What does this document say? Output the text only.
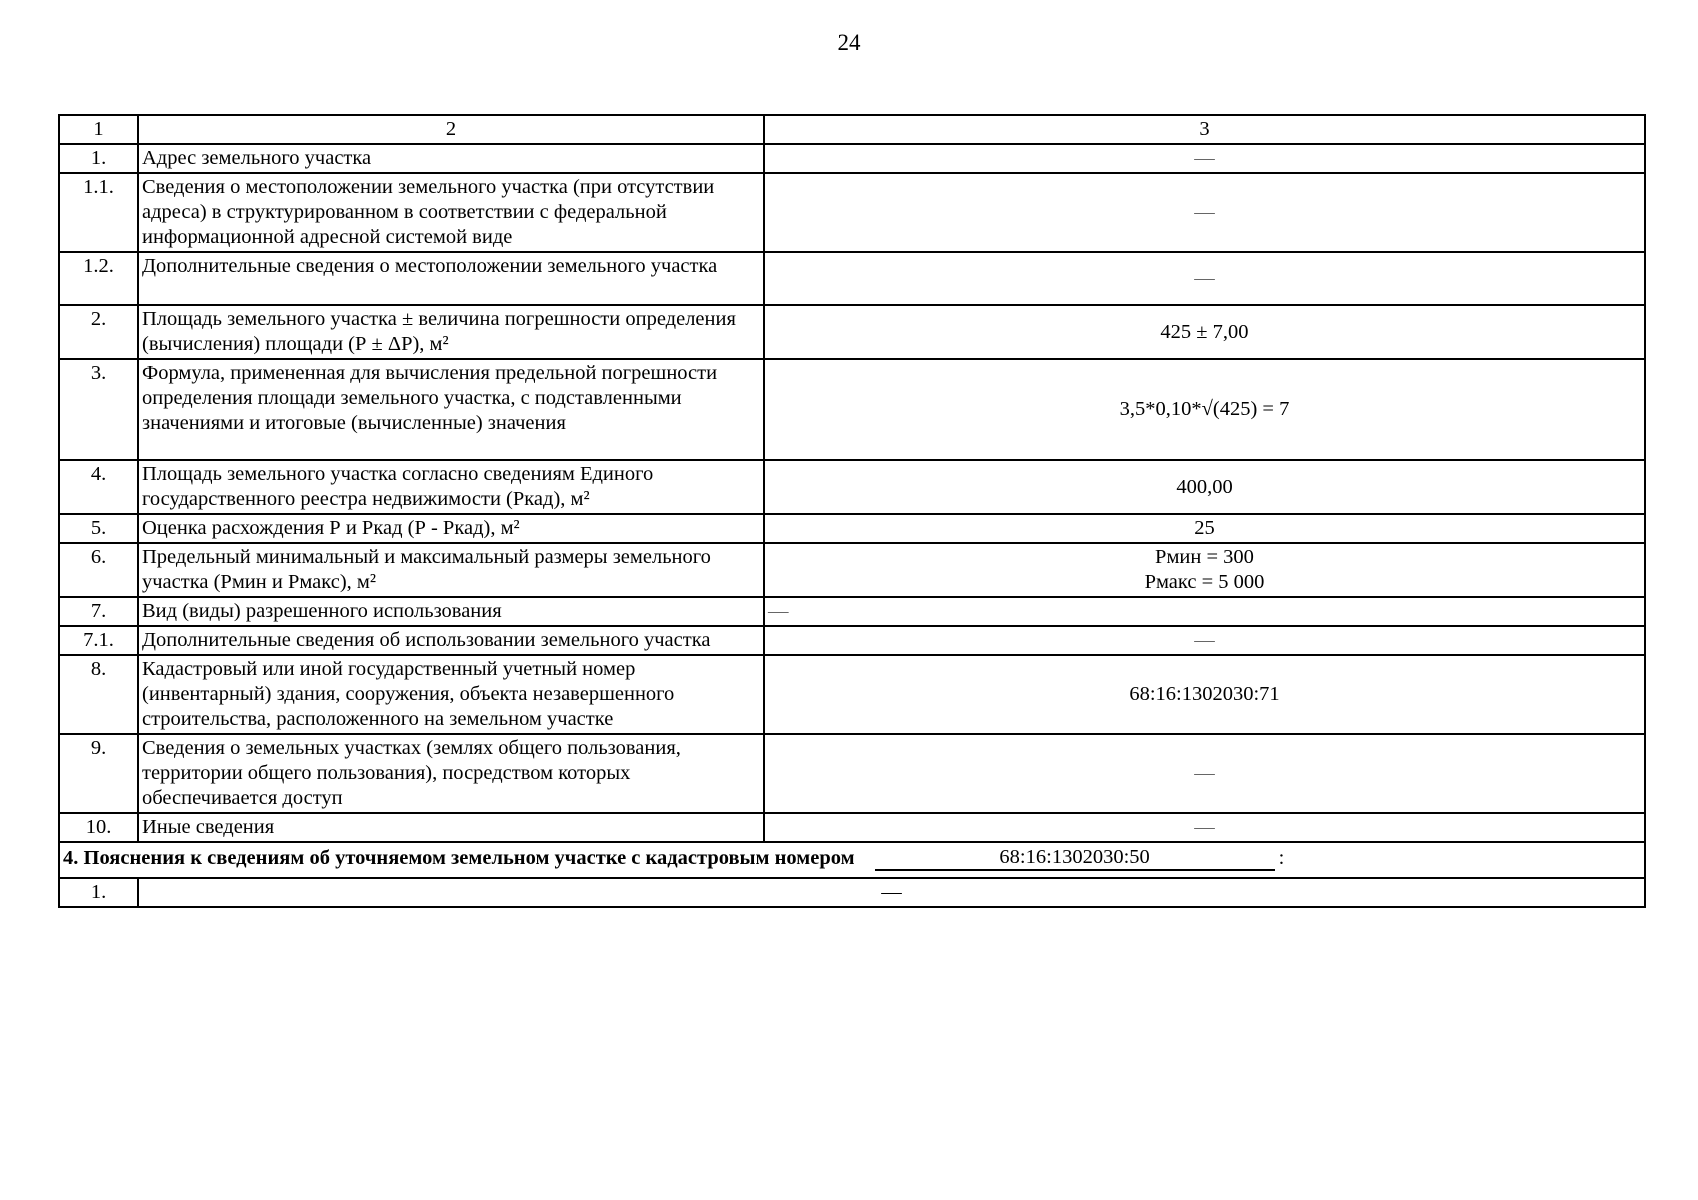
24
1	2	3
1.	Адрес земельного участка	—

1.1.	Сведения о местоположении земельного участка (при отсутствии адреса) в структурированном в соответствии с федеральной информационной адресной системой виде	—

1.2.	Дополнительные сведения о местоположении земельного участка	—

2.	Площадь земельного участка ± величина погрешности определения (вычисления) площади (Р ± ΔР), м²	425 ± 7,00

3.	Формула, примененная для вычисления предельной погрешности определения площади земельного участка, с подставленными значениями и итоговые (вычисленные) значения	3,5*0,10*√(425) = 7

4.	Площадь земельного участка согласно сведениям Единого государственного реестра недвижимости (Ркад), м²	400,00

5.	Оценка расхождения Р и Ркад (Р - Ркад), м²	25

6.	Предельный минимальный и максимальный размеры земельного участка (Рмин и Рмакс), м²	Рмин = 300
Рмакс = 5 000

7.	Вид (виды) разрешенного использования	—

7.1.	Дополнительные сведения об использовании земельного участка	—

8.	Кадастровый или иной государственный учетный номер (инвентарный) здания, сооружения, объекта незавершенного строительства, расположенного на земельном участке	68:16:1302030:71

9.	Сведения о земельных участках (землях общего пользования, территории общего пользования), посредством которых обеспечивается доступ	—

10.	Иные сведения	—

4. Пояснения к сведениям об уточняемом земельном участке с кадастровым номером 68:16:1302030:50 :		

1.	—	
